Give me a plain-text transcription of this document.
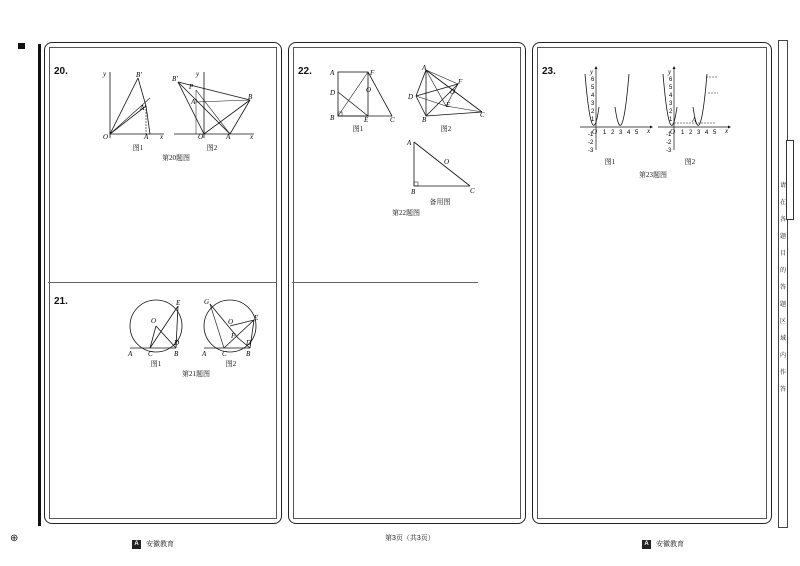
⊕
20.	y	B'
A'
O	A x
图1
y
B'
P
A'
B
O	A	x
图2
第20题图
21.	E
O
A C
D
B
图1
G
O	E
F
A C
D
B
图2
第21题图
22.	A	F
D	O
B	E	C
图1
A
F
D
O
E
B
C
图2
A
O
B	C
备用图
第22题图
23.	y
x
O 1 2 3 4 5
6
5
4
3
2
1
-1
-2
-3
图1
y
x
O
A
1 2 3 4 5
6
5
4
3
2
1
-1
-2
-3
图2
第23题图
请
在
各
题
目
的
答
题
区
域
内
作
答
A	安徽教育
第3页（共3页）
A	安徽教育
